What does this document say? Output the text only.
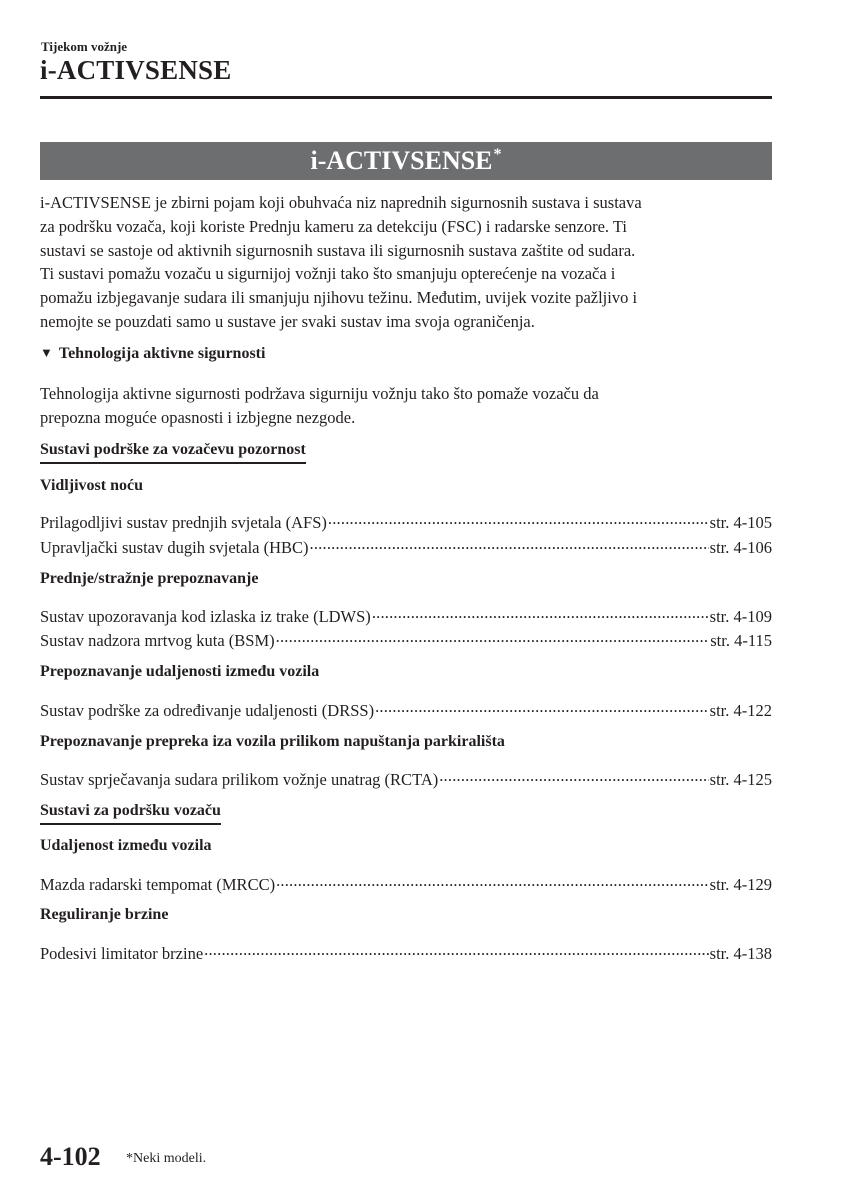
Tijekom vožnje
i-ACTIVSENSE
i-ACTIVSENSE*
i-ACTIVSENSE je zbirni pojam koji obuhvaća niz naprednih sigurnosnih sustava i sustava
za podršku vozača, koji koriste Prednju kameru za detekciju (FSC) i radarske senzore. Ti
sustavi se sastoje od aktivnih sigurnosnih sustava ili sigurnosnih sustava zaštite od sudara.
Ti sustavi pomažu vozaču u sigurnijoj vožnji tako što smanjuju opterećenje na vozača i
pomažu izbjegavanje sudara ili smanjuju njihovu težinu. Međutim, uvijek vozite pažljivo i
nemojte se pouzdati samo u sustave jer svaki sustav ima svoja ograničenja.
▼ Tehnologija aktivne sigurnosti
Tehnologija aktivne sigurnosti podržava sigurniju vožnju tako što pomaže vozaču da
prepozna moguće opasnosti i izbjegne nezgode.
Sustavi podrške za vozačevu pozornost
Vidljivost noću
Prilagodljivi sustav prednjih svjetala (AFS) .....	str. 4-105
Upravljački sustav dugih svjetala (HBC) .....	str. 4-106
Prednje/stražnje prepoznavanje
Sustav upozoravanja kod izlaska iz trake (LDWS) .....	str. 4-109
Sustav nadzora mrtvog kuta (BSM) .....	str. 4-115
Prepoznavanje udaljenosti između vozila
Sustav podrške za određivanje udaljenosti (DRSS) .....	str. 4-122
Prepoznavanje prepreka iza vozila prilikom napuštanja parkirališta
Sustav sprječavanja sudara prilikom vožnje unatrag (RCTA) .....	str. 4-125
Sustavi za podršku vozaču
Udaljenost između vozila
Mazda radarski tempomat (MRCC) .....	str. 4-129
Reguliranje brzine
Podesivi limitator brzine .....	str. 4-138
4-102 *Neki modeli.
